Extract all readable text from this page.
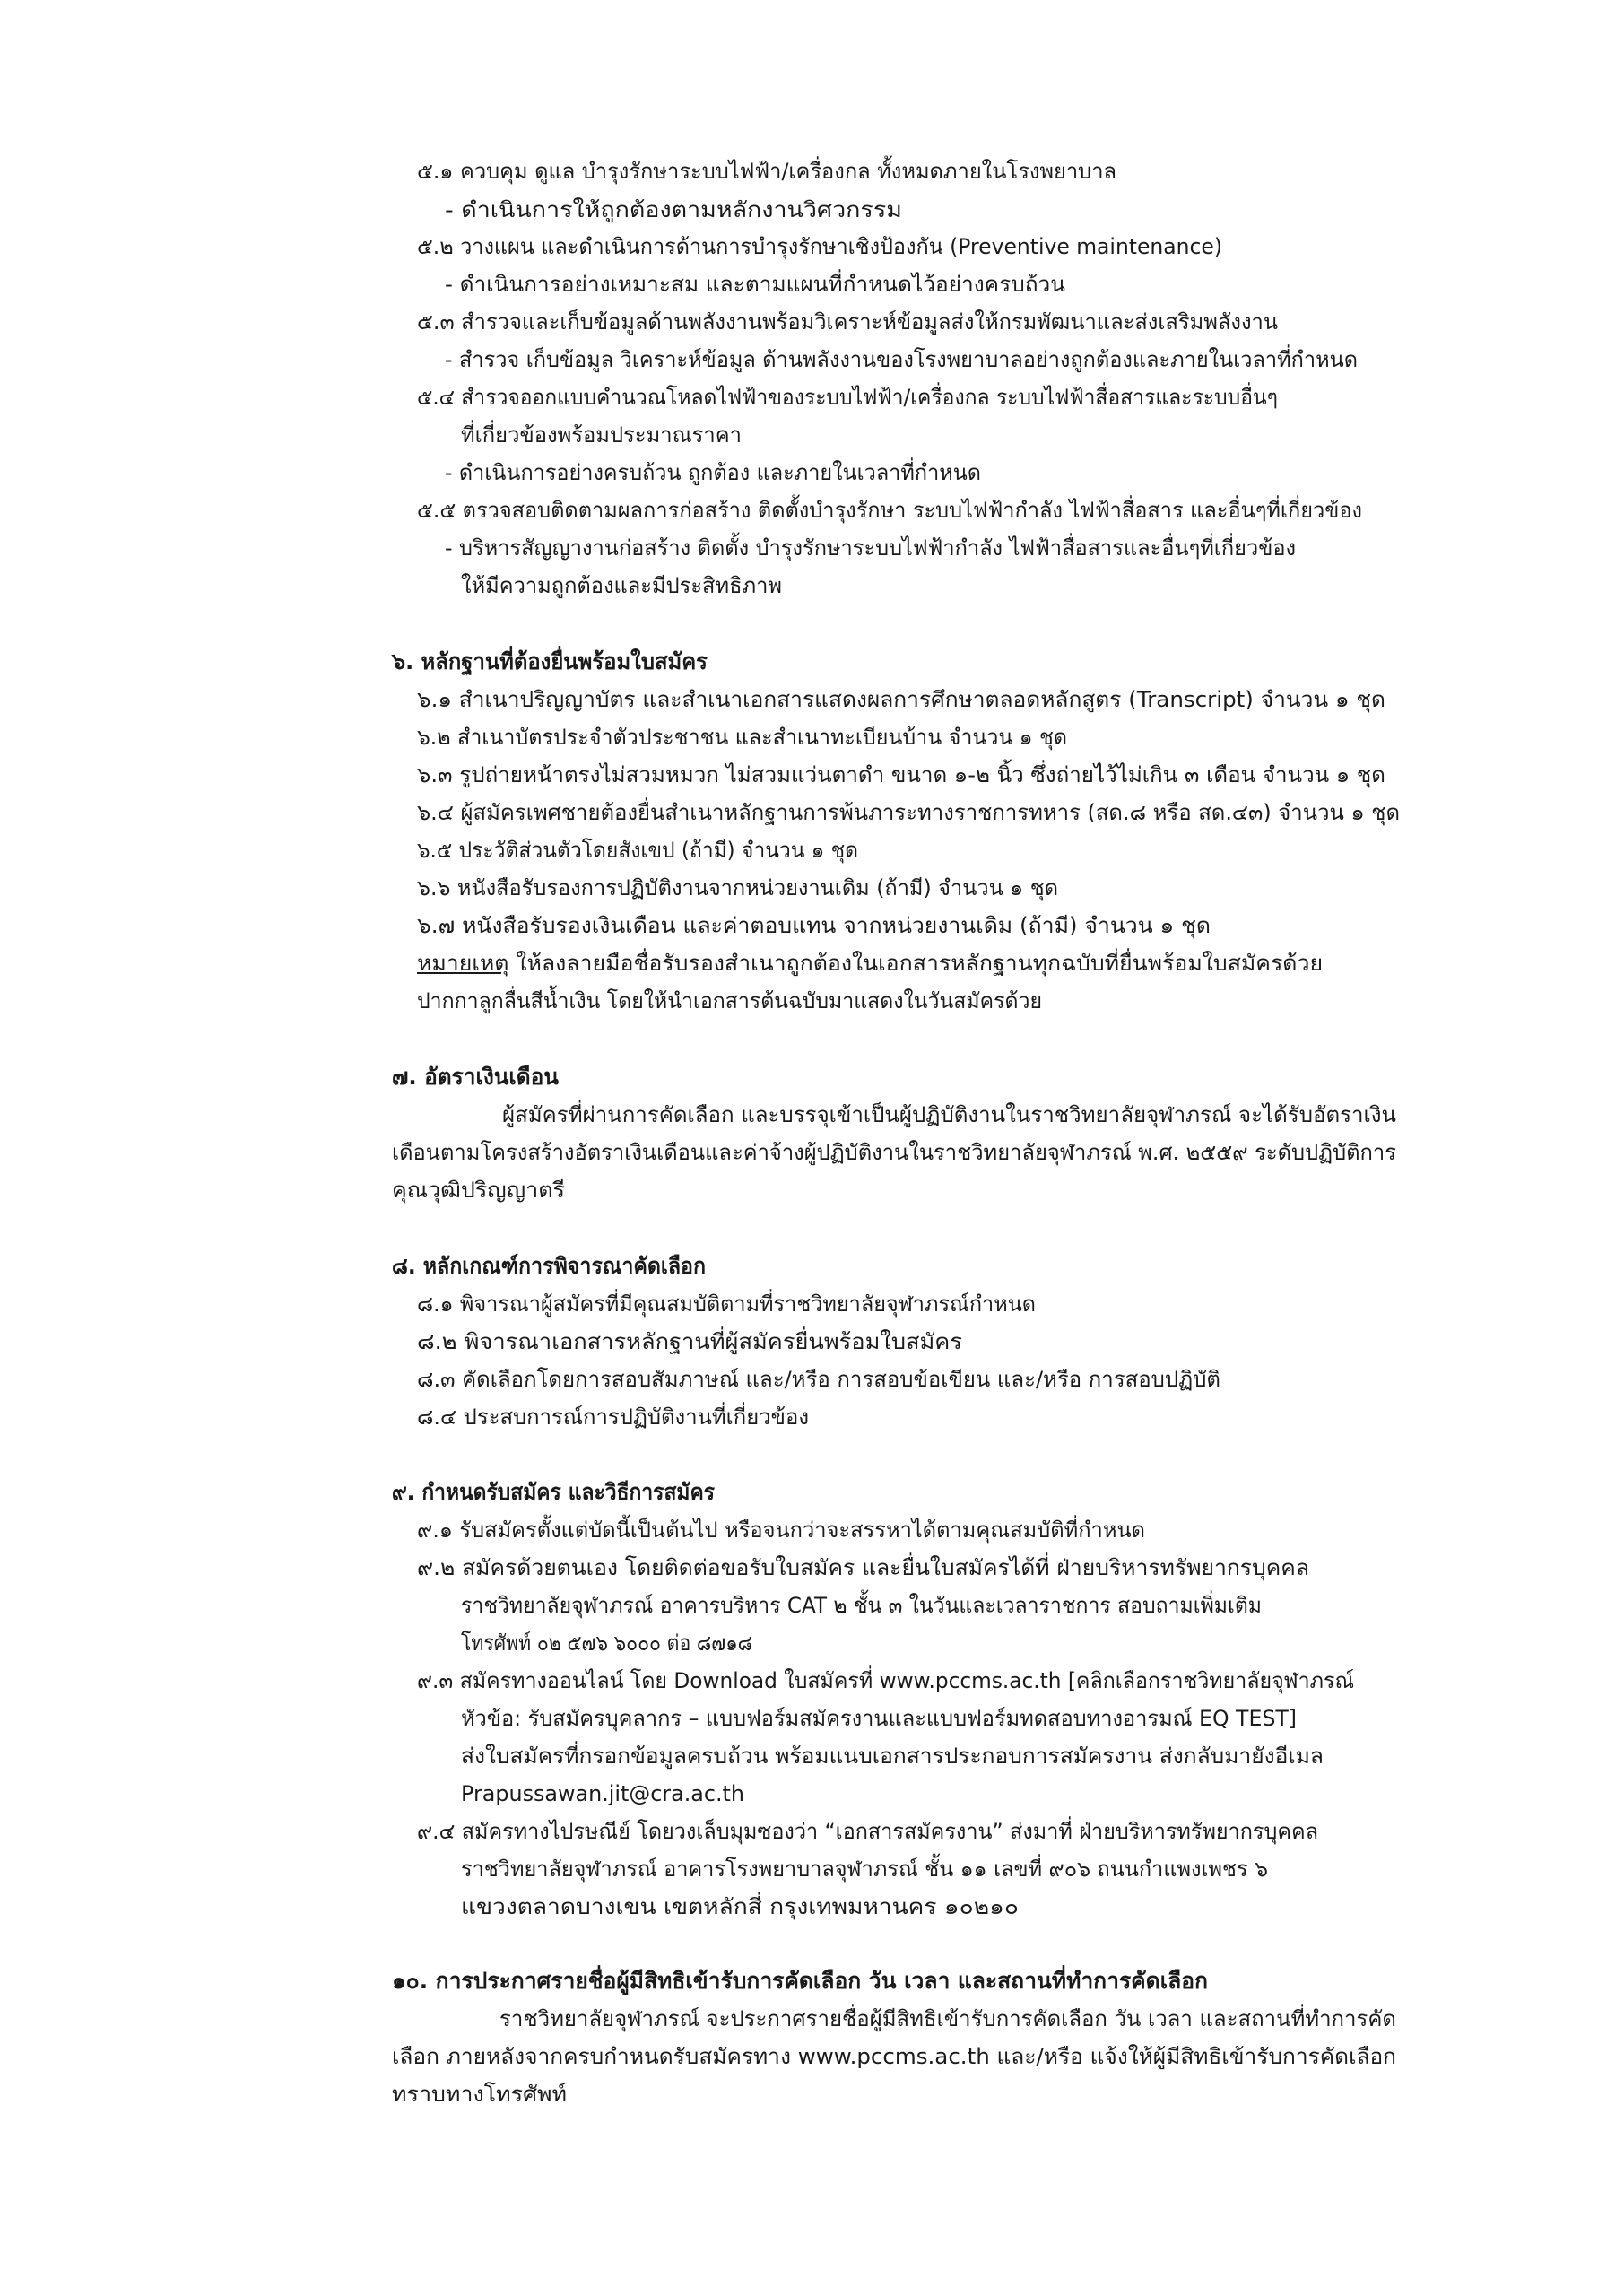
๕.๑ ควบคุม ดูแล บำรุงรักษาระบบไฟฟ้า/เครื่องกล ทั้งหมดภายในโรงพยาบาล
- ดำเนินการให้ถูกต้องตามหลักงานวิศวกรรม
๕.๒ วางแผน และดำเนินการด้านการบำรุงรักษาเชิงป้องกัน (Preventive maintenance)
- ดำเนินการอย่างเหมาะสม และตามแผนที่กำหนดไว้อย่างครบถ้วน
๕.๓ สำรวจและเก็บข้อมูลด้านพลังงานพร้อมวิเคราะห์ข้อมูลส่งให้กรมพัฒนาและส่งเสริมพลังงาน
- สำรวจ เก็บข้อมูล วิเคราะห์ข้อมูล ด้านพลังงานของโรงพยาบาลอย่างถูกต้องและภายในเวลาที่กำหนด
๕.๔ สำรวจออกแบบคำนวณโหลดไฟฟ้าของระบบไฟฟ้า/เครื่องกล ระบบไฟฟ้าสื่อสารและระบบอื่นๆ
ที่เกี่ยวข้องพร้อมประมาณราคา
- ดำเนินการอย่างครบถ้วน ถูกต้อง และภายในเวลาที่กำหนด
๕.๕ ตรวจสอบติดตามผลการก่อสร้าง ติดตั้งบำรุงรักษา ระบบไฟฟ้ากำลัง ไฟฟ้าสื่อสาร และอื่นๆที่เกี่ยวข้อง
- บริหารสัญญางานก่อสร้าง ติดตั้ง บำรุงรักษาระบบไฟฟ้ากำลัง ไฟฟ้าสื่อสารและอื่นๆที่เกี่ยวข้อง
ให้มีความถูกต้องและมีประสิทธิภาพ
๖. หลักฐานที่ต้องยื่นพร้อมใบสมัคร
๖.๑ สำเนาปริญญาบัตร และสำเนาเอกสารแสดงผลการศึกษาตลอดหลักสูตร (Transcript) จำนวน ๑ ชุด
๖.๒ สำเนาบัตรประจำตัวประชาชน และสำเนาทะเบียนบ้าน จำนวน ๑ ชุด
๖.๓ รูปถ่ายหน้าตรงไม่สวมหมวก ไม่สวมแว่นตาดำ ขนาด ๑-๒ นิ้ว ซึ่งถ่ายไว้ไม่เกิน ๓ เดือน จำนวน ๑ ชุด
๖.๔ ผู้สมัครเพศชายต้องยื่นสำเนาหลักฐานการพ้นภาระทางราชการทหาร (สด.๘ หรือ สด.๔๓) จำนวน ๑ ชุด
๖.๕ ประวัติส่วนตัวโดยสังเขป (ถ้ามี) จำนวน ๑ ชุด
๖.๖ หนังสือรับรองการปฏิบัติงานจากหน่วยงานเดิม (ถ้ามี) จำนวน ๑ ชุด
๖.๗ หนังสือรับรองเงินเดือน และค่าตอบแทน จากหน่วยงานเดิม (ถ้ามี) จำนวน ๑ ชุด
หมายเหตุ ให้ลงลายมือชื่อรับรองสำเนาถูกต้องในเอกสารหลักฐานทุกฉบับที่ยื่นพร้อมใบสมัครด้วย
ปากกาลูกลื่นสีน้ำเงิน โดยให้นำเอกสารต้นฉบับมาแสดงในวันสมัครด้วย
๗. อัตราเงินเดือน
ผู้สมัครที่ผ่านการคัดเลือก และบรรจุเข้าเป็นผู้ปฏิบัติงานในราชวิทยาลัยจุฬาภรณ์ จะได้รับอัตราเงิน
เดือนตามโครงสร้างอัตราเงินเดือนและค่าจ้างผู้ปฏิบัติงานในราชวิทยาลัยจุฬาภรณ์ พ.ศ. ๒๕๕๙ ระดับปฏิบัติการ
คุณวุฒิปริญญาตรี
๘. หลักเกณฑ์การพิจารณาคัดเลือก
๘.๑ พิจารณาผู้สมัครที่มีคุณสมบัติตามที่ราชวิทยาลัยจุฬาภรณ์กำหนด
๘.๒ พิจารณาเอกสารหลักฐานที่ผู้สมัครยื่นพร้อมใบสมัคร
๘.๓ คัดเลือกโดยการสอบสัมภาษณ์ และ/หรือ การสอบข้อเขียน และ/หรือ การสอบปฏิบัติ
๘.๔ ประสบการณ์การปฏิบัติงานที่เกี่ยวข้อง
๙. กำหนดรับสมัคร และวิธีการสมัคร
๙.๑ รับสมัครตั้งแต่บัดนี้เป็นต้นไป หรือจนกว่าจะสรรหาได้ตามคุณสมบัติที่กำหนด
๙.๒ สมัครด้วยตนเอง โดยติดต่อขอรับใบสมัคร และยื่นใบสมัครได้ที่ ฝ่ายบริหารทรัพยากรบุคคล
ราชวิทยาลัยจุฬาภรณ์ อาคารบริหาร CAT ๒ ชั้น ๓ ในวันและเวลาราชการ สอบถามเพิ่มเติม
โทรศัพท์ ๐๒ ๕๗๖ ๖๐๐๐ ต่อ ๘๗๑๘
๙.๓ สมัครทางออนไลน์ โดย Download ใบสมัครที่ www.pccms.ac.th [คลิกเลือกราชวิทยาลัยจุฬาภรณ์
หัวข้อ: รับสมัครบุคลากร – แบบฟอร์มสมัครงานและแบบฟอร์มทดสอบทางอารมณ์ EQ TEST]
ส่งใบสมัครที่กรอกข้อมูลครบถ้วน พร้อมแนบเอกสารประกอบการสมัครงาน ส่งกลับมายังอีเมล
Prapussawan.jit@cra.ac.th
๙.๔ สมัครทางไปรษณีย์ โดยวงเล็บมุมซองว่า “เอกสารสมัครงาน” ส่งมาที่ ฝ่ายบริหารทรัพยากรบุคคล
ราชวิทยาลัยจุฬาภรณ์ อาคารโรงพยาบาลจุฬาภรณ์ ชั้น ๑๑ เลขที่ ๙๐๖ ถนนกำแพงเพชร ๖
แขวงตลาดบางเขน เขตหลักสี่ กรุงเทพมหานคร ๑๐๒๑๐
๑๐. การประกาศรายชื่อผู้มีสิทธิเข้ารับการคัดเลือก วัน เวลา และสถานที่ทำการคัดเลือก
ราชวิทยาลัยจุฬาภรณ์ จะประกาศรายชื่อผู้มีสิทธิเข้ารับการคัดเลือก วัน เวลา และสถานที่ทำการคัด
เลือก ภายหลังจากครบกำหนดรับสมัครทาง www.pccms.ac.th และ/หรือ แจ้งให้ผู้มีสิทธิเข้ารับการคัดเลือก
ทราบทางโทรศัพท์
